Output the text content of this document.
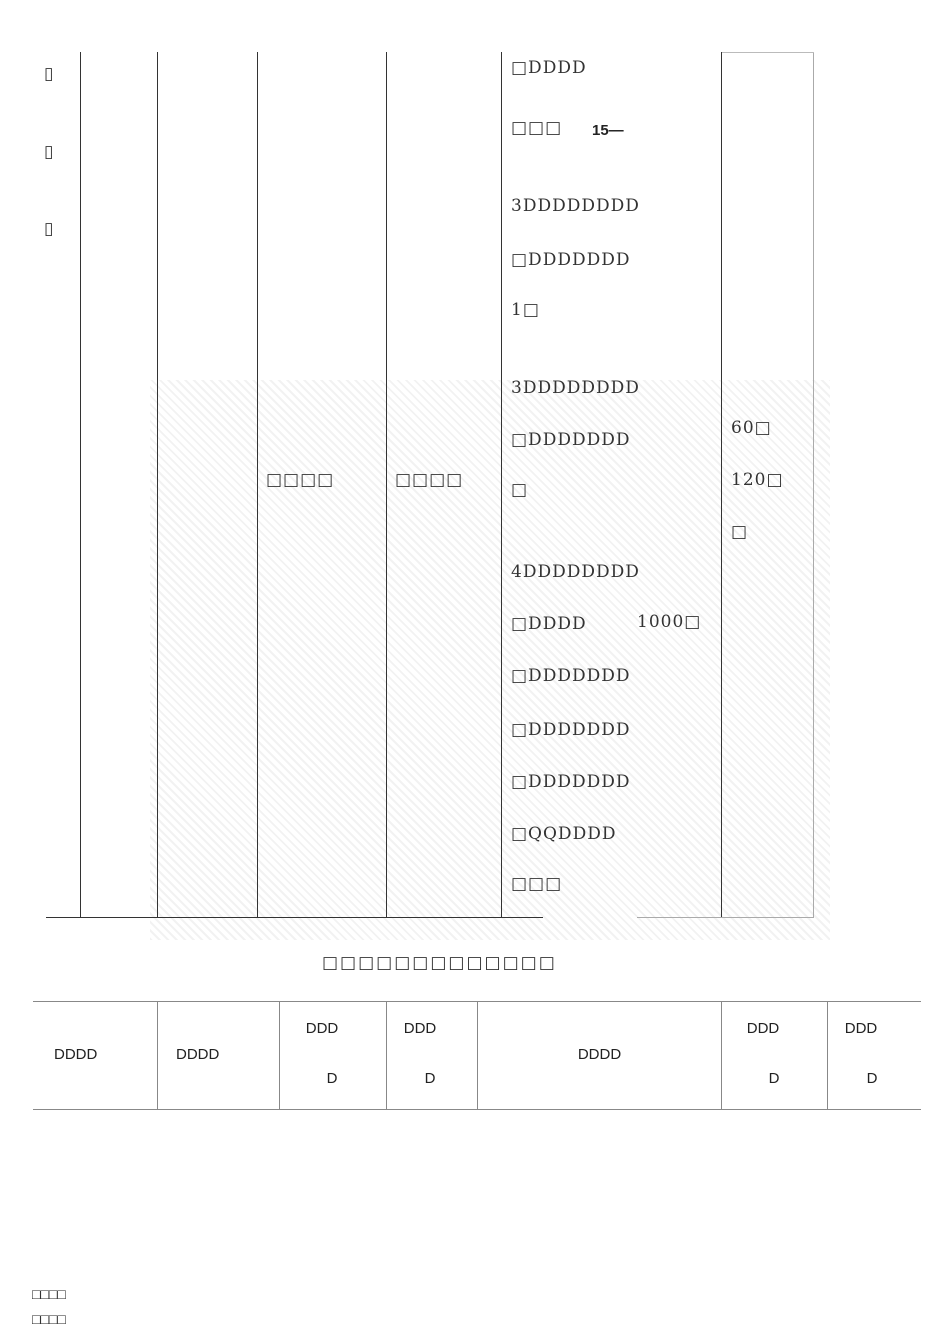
▯
▯
▯
□□□□	□□□□
□DDDD
□□□ 15—
3DDDDDDDD
□DDDDDDD
1□
3DDDDDDDD
□DDDDDDD
□
4DDDDDDDD
□DDDD
□DDDDDDD
□DDDDDDD
□DDDDDDD
□QQDDDD
□□□
1000□
60□
120□
□
□□□□□□□□□□□□□
DDDD	DDDD
DDD
D
DDD
D
DDDD
DDD
D
DDD
D
□□□□
□□□□
